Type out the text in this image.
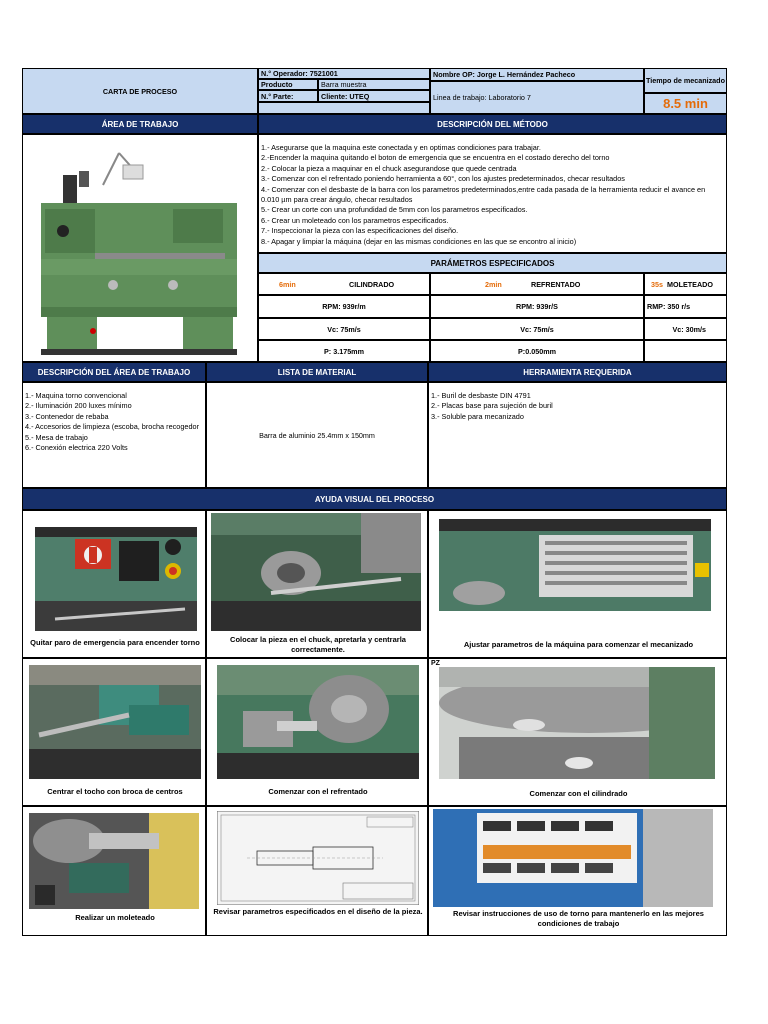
CARTA DE PROCESO
N.° Operador: 7521001
Producto	Barra muestra
N.° Parte:	Cliente: UTEQ
Nombre OP: Jorge L. Hernández Pacheco
Linea de trabajo: Laboratorio 7
Tiempo de mecanizado
8.5 min
ÁREA DE TRABAJO	DESCRIPCIÓN DEL MÉTODO
1.- Asegurarse que la maquina este conectada y en optimas condiciones para trabajar.
2.-Encender la maquina quitando el boton de emergencia que se encuentra en el costado derecho del torno
2.- Colocar la pieza a maquinar en el chuck asegurandose que quede centrada
3.- Comenzar con el refrentado poniendo herramienta a 60°, con los ajustes predeterminados, checar resultados
4.- Comenzar con el desbaste de la barra con los parametros predeterminados,entre cada pasada de la herramienta reducir el avance en 0.010 µm para crear ángulo, checar resultados
5.- Crear un corte con una profundidad de 5mm con los parametros especificados.
6.- Crear un moleteado con los parametros especificados.
7.- Inspeccionar la pieza con las especificaciones del diseño.
8.- Apagar y limpiar la máquina (dejar en las mismas condiciones en las que se encontro al inicio)
PARÁMETROS ESPECIFICADOS
6min	CILINDRADO	2min	REFRENTADO	35s MOLETEADO
RPM: 939r/m	RPM: 939r/S	RMP: 350 r/s
Vc: 75m/s	Vc: 75m/s	Vc: 30m/s
P: 3.175mm	P:0.050mm
DESCRIPCIÓN DEL ÁREA DE TRABAJO	LISTA DE MATERIAL	HERRAMIENTA REQUERIDA
1.- Maquina torno convencional
2.- Iluminación 200 luxes mínimo
3.- Contenedor de rebaba
4.- Accesorios de limpieza (escoba, brocha recogedor
5.- Mesa de trabajo
6.- Conexión electrica 220 Volts
Barra de aluminio 25.4mm x 150mm
1.- Buril de desbaste DIN 4791
2.- Placas base para sujeción de buril
3.- Soluble para mecanizado
AYUDA VISUAL DEL PROCESO
Quitar paro de emergencia para encender torno	Colocar la pieza en el chuck, apretarla y centrarla correctamente.
Ajustar parametros de la máquina para comenzar el mecanizado
Centrar el tocho con broca de centros	Comenzar con el refrentado
PZ
Comenzar con el cilindrado
Realizar un moleteado
Revisar parametros especificados en el diseño de la pieza.	Revisar instrucciones de uso de torno para mantenerlo en las mejores condiciones de trabajo
